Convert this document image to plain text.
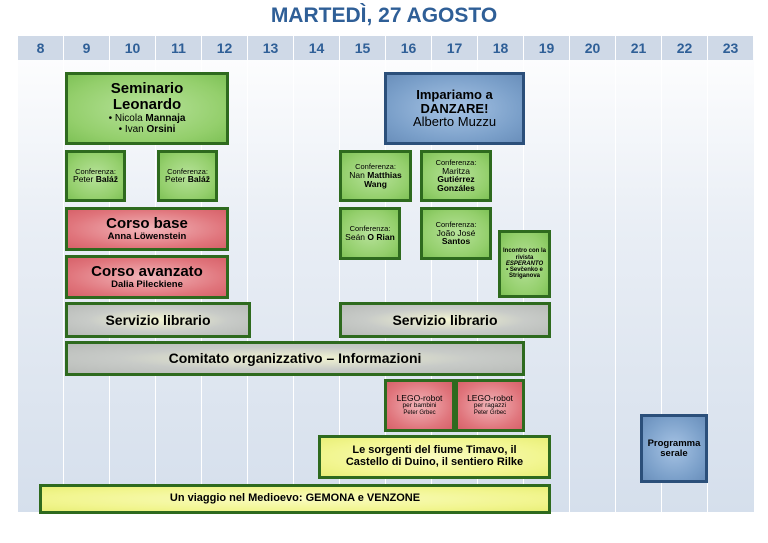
MARTEDÌ, 27 AGOSTO
8	9	10	11	12	13	14	15	16	17	18	19	20	21	22	23
Seminario Leonardo
• Nicola Mannaja
• Ivan Orsini
Impariamo a
DANZARE!
Alberto Muzzu
Conferenza:
Peter Baláž
Conferenza:
Peter Baláž
Conferenza:
Nan Matthias Wang
Conferenza:
Maritza
Gutiérrez Gonzáles
Conferenza:
Seán O Rian
Conferenza:
João José
Santos
Incontro con la rivista
ESPERANTO
• Sevčenko e Striganova
Corso base
Anna Löwenstein
Corso avanzato
Dalia Pileckiene
Servizio librario	Servizio librario
Comitato organizzativo – Informazioni
LEGO-robot
per bambini
Peter Grbec
LEGO-robot
per ragazzi
Peter Grbec
Le sorgenti del fiume Timavo, il
Castello di Duino, il sentiero Rilke
Programma serale
Un viaggio nel Medioevo: GEMONA e VENZONE
